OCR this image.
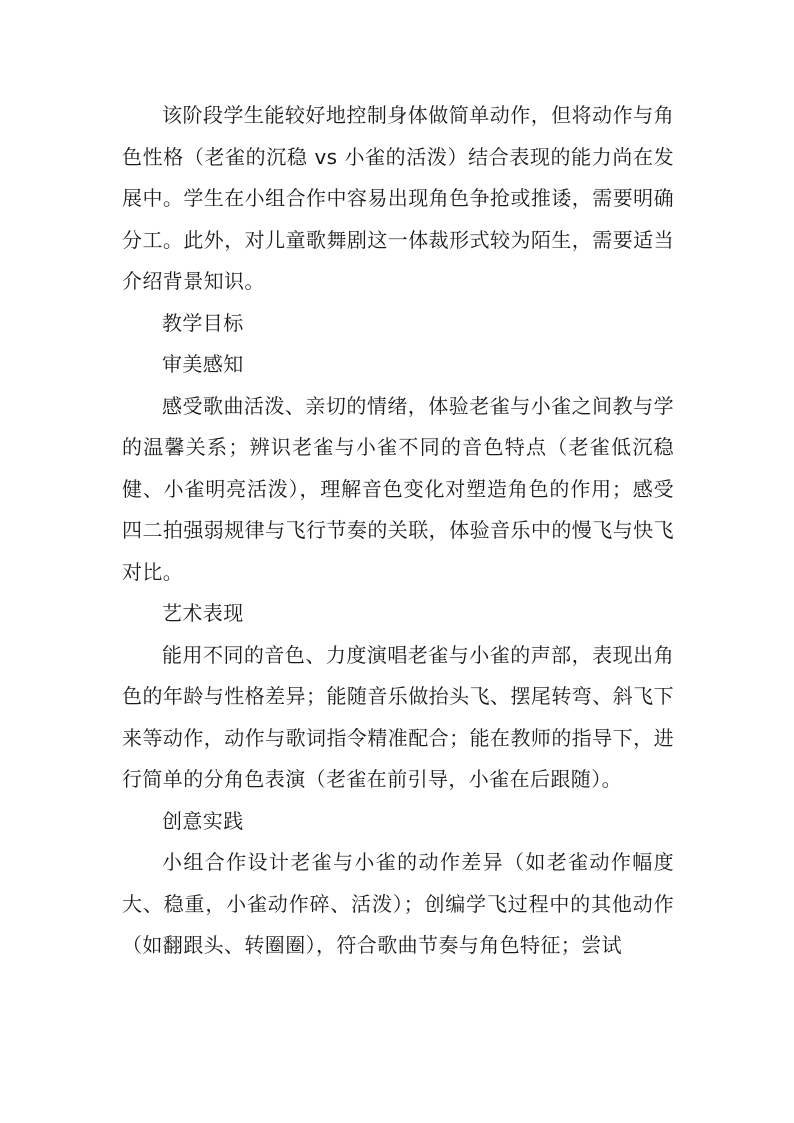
该阶段学生能较好地控制身体做简单动作，但将动作与角色性格（老雀的沉稳 vs 小雀的活泼）结合表现的能力尚在发展中。学生在小组合作中容易出现角色争抢或推诿，需要明确分工。此外，对儿童歌舞剧这一体裁形式较为陌生，需要适当介绍背景知识。

教学目标

审美感知

感受歌曲活泼、亲切的情绪，体验老雀与小雀之间教与学的温馨关系；辨识老雀与小雀不同的音色特点（老雀低沉稳健、小雀明亮活泼），理解音色变化对塑造角色的作用；感受四二拍强弱规律与飞行节奏的关联，体验音乐中的慢飞与快飞对比。

艺术表现

能用不同的音色、力度演唱老雀与小雀的声部，表现出角色的年龄与性格差异；能随音乐做抬头飞、摆尾转弯、斜飞下来等动作，动作与歌词指令精准配合；能在教师的指导下，进行简单的分角色表演（老雀在前引导，小雀在后跟随）。

创意实践

小组合作设计老雀与小雀的动作差异（如老雀动作幅度大、稳重，小雀动作碎、活泼）；创编学飞过程中的其他动作（如翻跟头、转圈圈），符合歌曲节奏与角色特征；尝试
